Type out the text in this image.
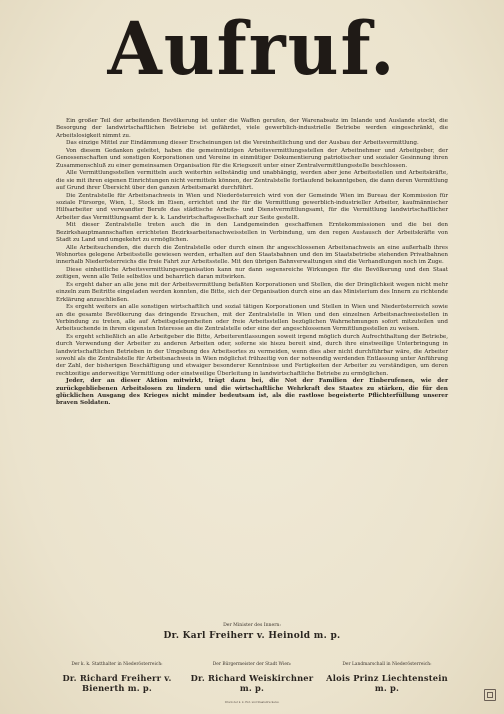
Aufruf.

Ein großer Teil der arbeitenden Bevölkerung ist unter die Waffen gerufen, der Warenabsatz im Inlande und Auslande stockt, die Besorgung der landwirtschaftlichen Betriebe ist gefährdet, viele gewerblich-industrielle Betriebe werden eingeschränkt, die Arbeitslosigkeit nimmt zu.

Das einzige Mittel zur Eindämmung dieser Erscheinungen ist die Vereinheitlichung und der Ausbau der Arbeitsvermittlung.

Von diesem Gedanken geleitet, haben die gemeinnützigen Arbeitsvermittlungsstellen der Arbeitnehmer und Arbeitgeber, der Genossenschaften und sonstigen Korporationen und Vereine in einmütiger Dokumentierung patriotischer und sozialer Gesinnung ihren Zusammenschluß zu einer gemeinsamen Organisation für die Kriegszeit unter einer Zentralvermittlungsstelle beschlossen.

Alle Vermittlungsstellen vermitteln auch weiterhin selbständig und unabhängig, werden aber jene Arbeitsstellen und Arbeitskräfte, die sie mit ihren eigenen Einrichtungen nicht vermitteln können, der Zentralstelle fortlaufend bekanntgeben, die dann deren Vermittlung auf Grund ihrer Übersicht über den ganzen Arbeitsmarkt durchführt.

Die Zentralstelle für Arbeitsnachweis in Wien und Niederösterreich wird von der Gemeinde Wien im Bureau der Kommission für soziale Fürsorge, Wien, I., Stock im Eisen, errichtet und ihr für die Vermittlung gewerblich-industrieller Arbeiter, kaufmännischer Hilfsarbeiter und verwandter Berufe das städtische Arbeits- und Dienstvermittlungsamt, für die Vermittlung landwirtschaftlicher Arbeiter das Vermittlungsamt der k. k. Landwirtschaftsgesellschaft zur Seite gestellt.

Mit dieser Zentralstelle treten auch die in den Landgemeinden geschaffenen Erntekommissionen und die bei den Bezirkshauptmannschaften errichteten Bezirksarbeitsnachweisstellen in Verbindung, um den regen Austausch der Arbeitskräfte von Stadt zu Land und umgekehrt zu ermöglichen.

Alle Arbeitsuchenden, die durch die Zentralstelle oder durch einen ihr angeschlossenen Arbeitsnachweis an eine außerhalb ihres Wohnortes gelegene Arbeitsstelle gewiesen werden, erhalten auf den Staatsbahnen und den im Staatsbetriebe stehenden Privatbahnen innerhalb Niederösterreichs die freie Fahrt zur Arbeitsstelle. Mit den übrigen Bahnverwaltungen sind die Verhandlungen noch im Zuge.

Diese einheitliche Arbeitsvermittlungsorganisation kann nur dann segensreiche Wirkungen für die Bevölkerung und den Staat zeitigen, wenn alle Teile selbstlos und beharrlich daran mitwirken.

Es ergeht daher an alle jene mit der Arbeitsvermittlung befaßten Korporationen und Stellen, die der Dringlichkeit wegen nicht mehr einzeln zum Beitritte eingeladen werden konnten, die Bitte, sich der Organisation durch eine an das Ministerium des Innern zu richtende Erklärung anzuschließen.

Es ergeht weiters an alle sonstigen wirtschaftlich und sozial tätigen Korporationen und Stellen in Wien und Niederösterreich sowie an die gesamte Bevölkerung das dringende Ersuchen, mit der Zentralstelle in Wien und den einzelnen Arbeitsnachweisstellen in Verbindung zu treten, alle auf Arbeitsgelegenheiten oder freie Arbeitsstellen bezüglichen Wahrnehmungen sofort mitzuteilen und Arbeitsuchende in ihrem eigensten Interesse an die Zentralstelle oder eine der angeschlossenen Vermittlungsstellen zu weisen.

Es ergeht schließlich an alle Arbeitgeber die Bitte, Arbeiterentlassungen soweit irgend möglich durch Aufrechthaltung der Betriebe, durch Verwendung der Arbeiter zu anderen Arbeiten oder, soferne sie hiezu bereit sind, durch ihre einstweilige Unterbringung in landwirtschaftlichen Betrieben in der Umgebung des Arbeitsortes zu vermeiden, wenn dies aber nicht durchführbar wäre, die Arbeiter sowohl als die Zentralstelle für Arbeitsnachweis in Wien möglichst frühzeitig von der notwendig werdenden Entlassung unter Anführung der Zahl, der bisherigen Beschäftigung und etwaiger besonderer Kenntnisse und Fertigkeiten der Arbeiter zu verständigen, um deren rechtzeitige anderweitige Vermittlung oder einstweilige Überleitung in landwirtschaftliche Betriebe zu ermöglichen.

Jeder, der an dieser Aktion mitwirkt, trägt dazu bei, die Not der Familien der Einberufenen, wie der zurückgebliebenen Arbeitslosen zu lindern und die wirtschaftliche Wehrkraft des Staates zu stärken, die für den glücklichen Ausgang des Krieges nicht minder bedeutsam ist, als die rastlose begeisterte Pflichterfüllung unserer braven Soldaten.

Der Minister des Innern:
Dr. Karl Freiherr v. Heinold m. p.
Der k. k. Statthalter in Niederösterreich:
Dr. Richard Freiherr v. Bienerth m. p.
Der Bürgermeister der Stadt Wien:
Dr. Richard Weiskirchner m. p.
Der Landmarschall in Niederösterreich:
Alois Prinz Liechtenstein m. p.
Druck der k. k. Hof- und Staatsdruckerei.
